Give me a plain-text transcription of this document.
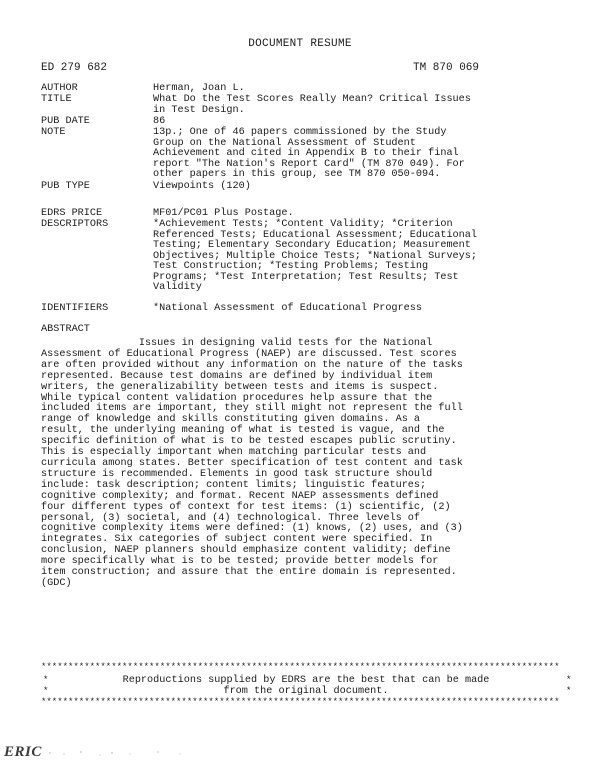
DOCUMENT RESUME
ED 279 682	TM 870 069
AUTHOR	Herman, Joan L.
TITLE	What Do the Test Scores Really Mean? Critical Issues
in Test Design.
PUB DATE	86
NOTE	13p.; One of 46 papers commissioned by the Study
Group on the National Assessment of Student
Achievement and cited in Appendix B to their final
report "The Nation's Report Card" (TM 870 049). For
other papers in this group, see TM 870 050-094.
PUB TYPE	Viewpoints (120)
EDRS PRICE	MF01/PC01 Plus Postage.
DESCRIPTORS	*Achievement Tests; *Content Validity; *Criterion
Referenced Tests; Educational Assessment; Educational
Testing; Elementary Secondary Education; Measurement
Objectives; Multiple Choice Tests; *National Surveys;
Test Construction; *Testing Problems; Testing
Programs; *Test Interpretation; Test Results; Test
Validity
IDENTIFIERS	*National Assessment of Educational Progress
ABSTRACT
Issues in designing valid tests for the National
Assessment of Educational Progress (NAEP) are discussed. Test scores
are often provided without any information on the nature of the tasks
represented. Because test domains are defined by individual item
writers, the generalizability between tests and items is suspect.
While typical content validation procedures help assure that the
included items are important, they still might not represent the full
range of knowledge and skills constituting given domains. As a
result, the underlying meaning of what is tested is vague, and the
specific definition of what is to be tested escapes public scrutiny.
This is especially important when matching particular tests and
curricula among states. Better specification of test content and task
structure is recommended. Elements in good task structure should
include: task description; content limits; linguistic features;
cognitive complexity; and format. Recent NAEP assessments defined
four different types of context for test items: (1) scientific, (2)
personal, (3) societal, and (4) technological. Three levels of
cognitive complexity items were defined: (1) knows, (2) uses, and (3)
integrates. Six categories of subject content were specified. In
conclusion, NAEP planners should emphasize content validity; define
more specifically what is to be tested; provide better models for
item construction; and assure that the entire domain is represented.
(GDC)
************************************************************************************************
*	*
Reproductions supplied by EDRS are the best that can be made
*	*
from the original document.
************************************************************************************************
ERIC
